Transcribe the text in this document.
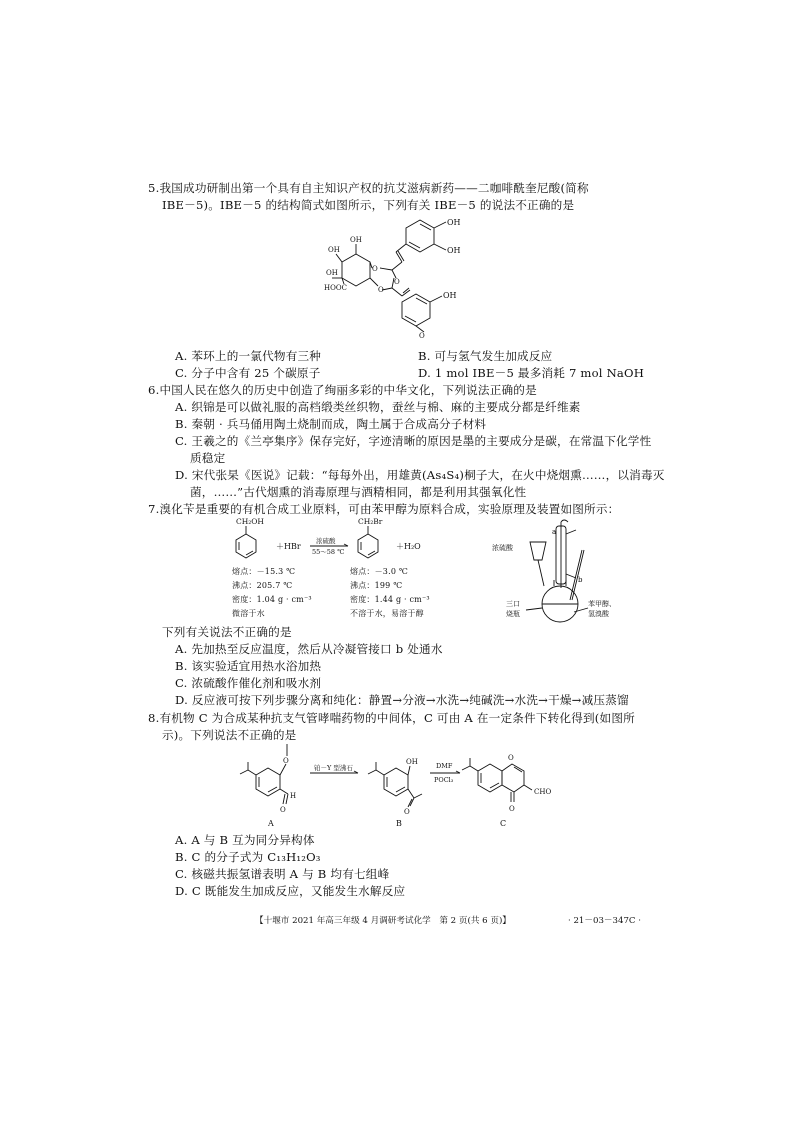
5.我国成功研制出第一个具有自主知识产权的抗艾滋病新药——二咖啡酰奎尼酸(简称
IBE－5)。IBE－5 的结构简式如图所示，下列有关 IBE－5 的说法不正确的是
OH
OH
O
O
OH
OH
OH
HOOC	O
OH
O
A. 苯环上的一氯代物有三种	B. 可与氢气发生加成反应
C. 分子中含有 25 个碳原子	D. 1 mol IBE－5 最多消耗 7 mol NaOH
6.中国人民在悠久的历史中创造了绚丽多彩的中华文化，下列说法正确的是
A. 织锦是可以做礼服的高档缎类丝织物，蚕丝与棉、麻的主要成分都是纤维素
B. 秦朝 · 兵马俑用陶土烧制而成，陶土属于合成高分子材料
C. 王羲之的《兰亭集序》保存完好，字迹清晰的原因是墨的主要成分是碳，在常温下化学性
质稳定
D. 宋代张杲《医说》记载：“每每外出，用雄黄(As₄S₄)桐子大，在火中烧烟熏……，以消毒灭
菌，……”古代烟熏的消毒原理与酒精相同，都是利用其强氧化性
7.溴化苄是重要的有机合成工业原料，可由苯甲醇为原料合成，实验原理及装置如图所示：
CH₂OH
＋HBr
浓硫酸
55～58 ℃
CH₂Br
＋H₂O
熔点：－15.3 ℃
沸点：205.7 ℃
密度：1.04 g · cm⁻³
微溶于水
熔点：－3.0 ℃
沸点：199 ℃
密度：1.44 g · cm⁻³
不溶于水，易溶于醇
a
b
浓硫酸
三口
烧瓶
苯甲醇、
氢溴酸
下列有关说法不正确的是
A. 先加热至反应温度，然后从冷凝管接口 b 处通水
B. 该实验适宜用热水浴加热
C. 浓硫酸作催化剂和吸水剂
D. 反应液可按下列步骤分离和纯化：静置→分液→水洗→纯碱洗→水洗→干燥→减压蒸馏
8.有机物 C 为合成某种抗支气管哮喘药物的中间体，C 可由 A 在一定条件下转化得到(如图所
示)。下列说法不正确的是
O
H
O
铂－Y 型沸石
OH
O
DMF
POCl₃
O
O
CHO
A	B	C
A. A 与 B 互为同分异构体
B. C 的分子式为 C₁₃H₁₂O₃
C. 核磁共振氢谱表明 A 与 B 均有七组峰
D. C 既能发生加成反应，又能发生水解反应
【十堰市 2021 年高三年级 4 月调研考试化学　第 2 页(共 6 页)】	· 21－03－347C ·
